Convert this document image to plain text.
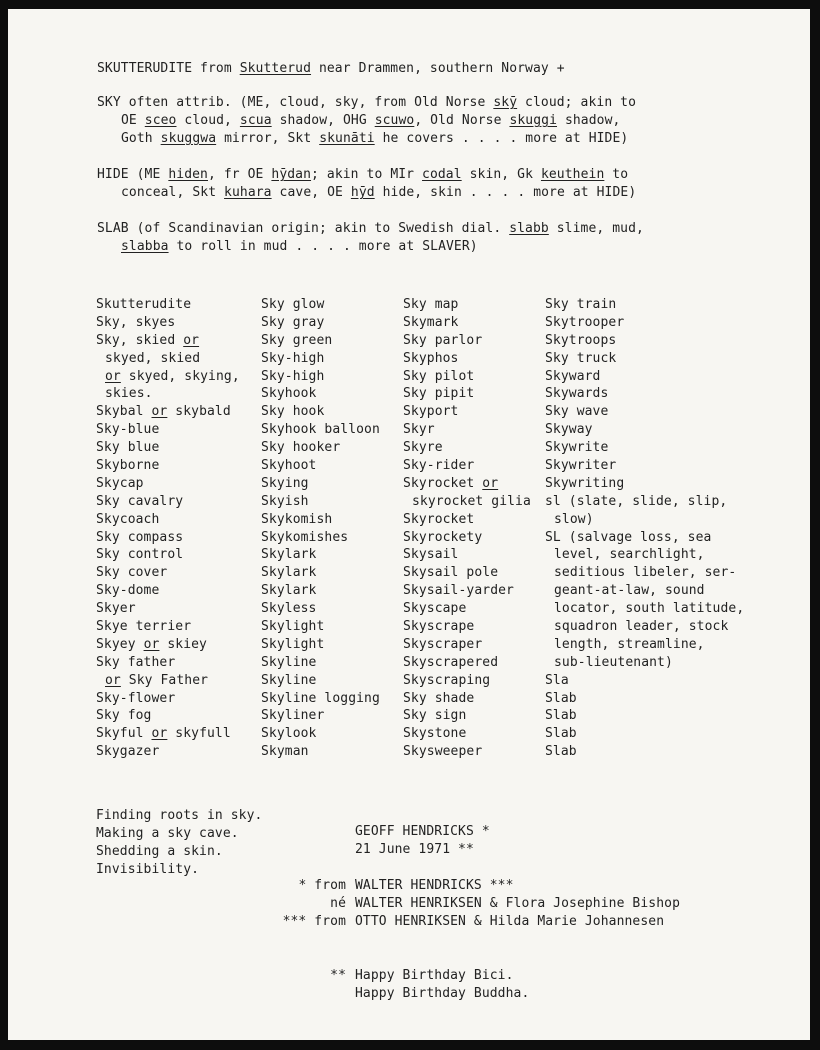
SKUTTERUDITE from Skutterud near Drammen, southern Norway +
SKY often attrib. (ME, cloud, sky, from Old Norse skȳ cloud; akin to
OE sceo cloud, scua shadow, OHG scuwo, Old Norse skuggi shadow,
Goth skuggwa mirror, Skt skunāti he covers . . . . more at HIDE)
HIDE (ME hiden, fr OE hȳdan; akin to MIr codal skin, Gk keuthein to
conceal, Skt kuhara cave, OE hȳd hide, skin . . . . more at HIDE)
SLAB (of Scandinavian origin; akin to Swedish dial. slabb slime, mud,
slabba to roll in mud . . . . more at SLAVER)
Skutterudite
Sky, skyes
Sky, skied or
skyed, skied
or skyed, skying,
skies.
Skybal or skybald
Sky-blue
Sky blue
Skyborne
Skycap
Sky cavalry
Skycoach
Sky compass
Sky control
Sky cover
Sky-dome
Skyer
Skye terrier
Skyey or skiey
Sky father
or Sky Father
Sky-flower
Sky fog
Skyful or skyfull
Skygazer
Sky glow
Sky gray
Sky green
Sky-high
Sky-high
Skyhook
Sky hook
Skyhook balloon
Sky hooker
Skyhoot
Skying
Skyish
Skykomish
Skykomishes
Skylark
Skylark
Skylark
Skyless
Skylight
Skylight
Skyline
Skyline
Skyline logging
Skyliner
Skylook
Skyman
Sky map
Skymark
Sky parlor
Skyphos
Sky pilot
Sky pipit
Skyport
Skyr
Skyre
Sky-rider
Skyrocket or
skyrocket gilia
Skyrocket
Skyrockety
Skysail
Skysail pole
Skysail-yarder
Skyscape
Skyscrape
Skyscraper
Skyscrapered
Skyscraping
Sky shade
Sky sign
Skystone
Skysweeper
Sky train
Skytrooper
Skytroops
Sky truck
Skyward
Skywards
Sky wave
Skyway
Skywrite
Skywriter
Skywriting
sl (slate, slide, slip,
slow)
SL (salvage loss, sea
level, searchlight,
seditious libeler, ser-
geant-at-law, sound
locator, south latitude,
squadron leader, stock
length, streamline,
sub-lieutenant)
Sla
Slab
Slab
Slab
Slab
Finding roots in sky.
Making a sky cave.
Shedding a skin.
Invisibility.
GEOFF HENDRICKS *
21 June 1971 **
* from WALTER HENDRICKS ***
né WALTER HENRIKSEN & Flora Josephine Bishop
*** from OTTO HENRIKSEN & Hilda Marie Johannesen
** Happy Birthday Bici.
Happy Birthday Buddha.
